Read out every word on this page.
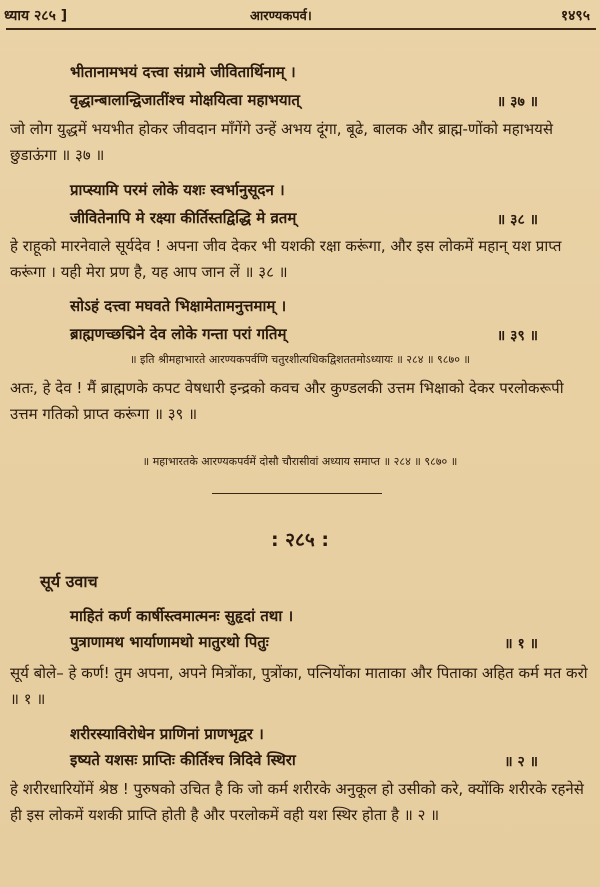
ध्याय २८५ ]	आरण्यकपर्व।	१४९५
भीतानामभयं दत्त्वा संग्रामे जीवितार्थिनाम् ।
वृद्धान्बालान्द्विजातींश्च मोक्षयित्वा महाभयात्	॥ ३७ ॥
जो लोग युद्धमें भयभीत होकर जीवदान माँगेंगे उन्हें अभय दूंगा, बूढे, बालक और ब्राह्म-णोंको महाभयसे छुडाऊंगा ॥ ३७ ॥
प्राप्स्यामि परमं लोके यशः स्वर्भानुसूदन ।
जीवितेनापि मे रक्ष्या कीर्तिस्तद्विद्धि मे व्रतम्	॥ ३८ ॥
हे राहूको मारनेवाले सूर्यदेव ! अपना जीव देकर भी यशकी रक्षा करूंगा, और इस लोकमें महान् यश प्राप्त करूंगा । यही मेरा प्रण है, यह आप जान लें ॥ ३८ ॥
सोऽहं दत्त्वा मघवते भिक्षामेतामनुत्तमाम् ।
ब्राह्मणच्छद्मिने देव लोके गन्ता परां गतिम्	॥ ३९ ॥
॥ इति श्रीमहाभारते आरण्यकपर्वणि चतुरशीत्यधिकद्विशततमोऽध्यायः ॥ २८४ ॥ ९८७० ॥
अतः, हे देव ! मैं ब्राह्मणके कपट वेषधारी इन्द्रको कवच और कुण्डलकी उत्तम भिक्षाको देकर परलोकरूपी उत्तम गतिको प्राप्त करूंगा ॥ ३९ ॥
॥ महाभारतके आरण्यकपर्वमें दोसौ चौरासीवां अध्याय समाप्त ॥ २८४ ॥ ९८७० ॥
: २८५ :
सूर्य उवाच
माहितं कर्ण कार्षीस्त्वमात्मनः सुहृदां तथा ।
पुत्राणामथ भार्याणामथो मातुरथो पितुः	॥ १ ॥
सूर्य बोले– हे कर्ण! तुम अपना, अपने मित्रोंका, पुत्रोंका, पत्नियोंका माताका और पिताका अहित कर्म मत करो ॥ १ ॥
शरीरस्याविरोधेन प्राणिनां प्राणभृद्वर ।
इष्यते यशसः प्राप्तिः कीर्तिश्च त्रिदिवे स्थिरा	॥ २ ॥
हे शरीरधारियोंमें श्रेष्ठ ! पुरुषको उचित है कि जो कर्म शरीरके अनुकूल हो उसीको करे, क्योंकि शरीरके रहनेसे ही इस लोकमें यशकी प्राप्ति होती है और परलोकमें वही यश स्थिर होता है ॥ २ ॥
